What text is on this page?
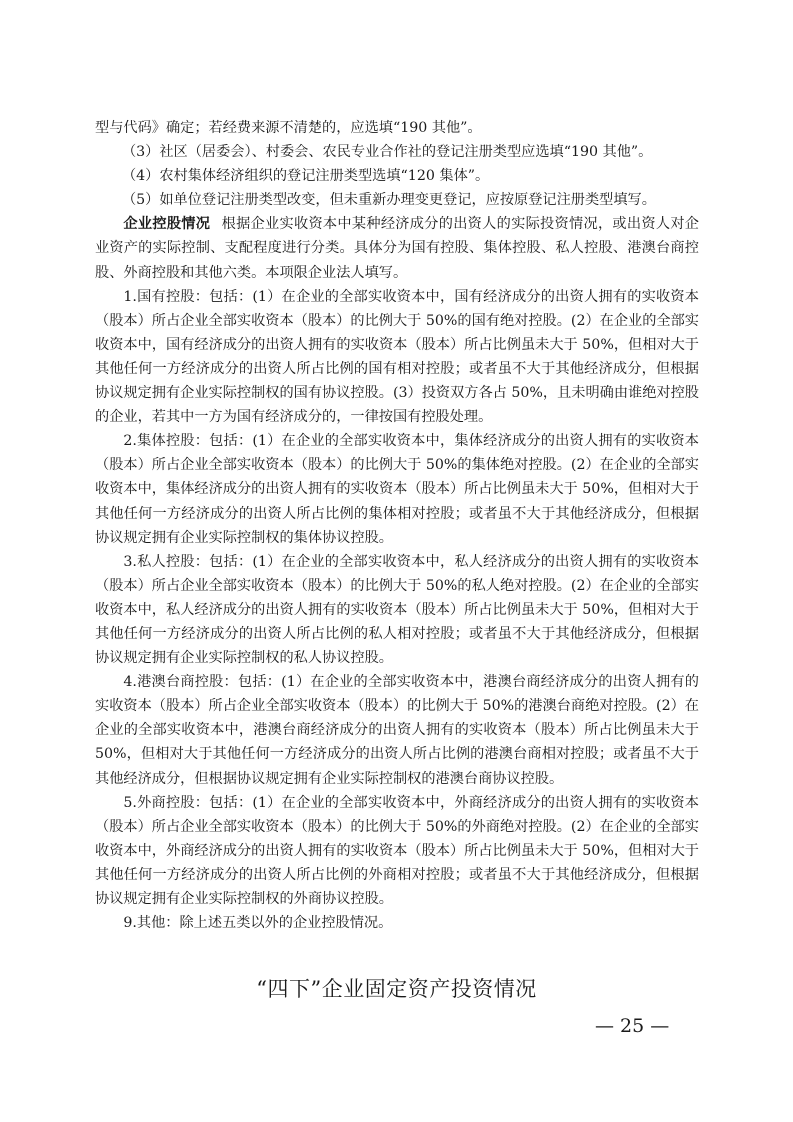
型与代码》确定；若经费来源不清楚的，应选填“190 其他”。

（3）社区（居委会）、村委会、农民专业合作社的登记注册类型应选填“190 其他”。

（4）农村集体经济组织的登记注册类型选填“120 集体”。

（5）如单位登记注册类型改变，但未重新办理变更登记，应按原登记注册类型填写。

企业控股情况 根据企业实收资本中某种经济成分的出资人的实际投资情况，或出资人对企业资产的实际控制、支配程度进行分类。具体分为国有控股、集体控股、私人控股、港澳台商控股、外商控股和其他六类。本项限企业法人填写。

1.国有控股：包括：(1）在企业的全部实收资本中，国有经济成分的出资人拥有的实收资本（股本）所占企业全部实收资本（股本）的比例大于 50%的国有绝对控股。(2）在企业的全部实收资本中，国有经济成分的出资人拥有的实收资本（股本）所占比例虽未大于 50%，但相对大于其他任何一方经济成分的出资人所占比例的国有相对控股；或者虽不大于其他经济成分，但根据协议规定拥有企业实际控制权的国有协议控股。(3）投资双方各占 50%，且未明确由谁绝对控股的企业，若其中一方为国有经济成分的，一律按国有控股处理。

2.集体控股：包括：(1）在企业的全部实收资本中，集体经济成分的出资人拥有的实收资本（股本）所占企业全部实收资本（股本）的比例大于 50%的集体绝对控股。(2）在企业的全部实收资本中，集体经济成分的出资人拥有的实收资本（股本）所占比例虽未大于 50%，但相对大于其他任何一方经济成分的出资人所占比例的集体相对控股；或者虽不大于其他经济成分，但根据协议规定拥有企业实际控制权的集体协议控股。

3.私人控股：包括：(1）在企业的全部实收资本中，私人经济成分的出资人拥有的实收资本（股本）所占企业全部实收资本（股本）的比例大于 50%的私人绝对控股。(2）在企业的全部实收资本中，私人经济成分的出资人拥有的实收资本（股本）所占比例虽未大于 50%，但相对大于其他任何一方经济成分的出资人所占比例的私人相对控股；或者虽不大于其他经济成分，但根据协议规定拥有企业实际控制权的私人协议控股。

4.港澳台商控股：包括：(1）在企业的全部实收资本中，港澳台商经济成分的出资人拥有的实收资本（股本）所占企业全部实收资本（股本）的比例大于 50%的港澳台商绝对控股。(2）在企业的全部实收资本中，港澳台商经济成分的出资人拥有的实收资本（股本）所占比例虽未大于 50%，但相对大于其他任何一方经济成分的出资人所占比例的港澳台商相对控股；或者虽不大于其他经济成分，但根据协议规定拥有企业实际控制权的港澳台商协议控股。

5.外商控股：包括：(1）在企业的全部实收资本中，外商经济成分的出资人拥有的实收资本（股本）所占企业全部实收资本（股本）的比例大于 50%的外商绝对控股。(2）在企业的全部实收资本中，外商经济成分的出资人拥有的实收资本（股本）所占比例虽未大于 50%，但相对大于其他任何一方经济成分的出资人所占比例的外商相对控股；或者虽不大于其他经济成分，但根据协议规定拥有企业实际控制权的外商协议控股。

9.其他：除上述五类以外的企业控股情况。

“四下”企业固定资产投资情况
— 25 —
